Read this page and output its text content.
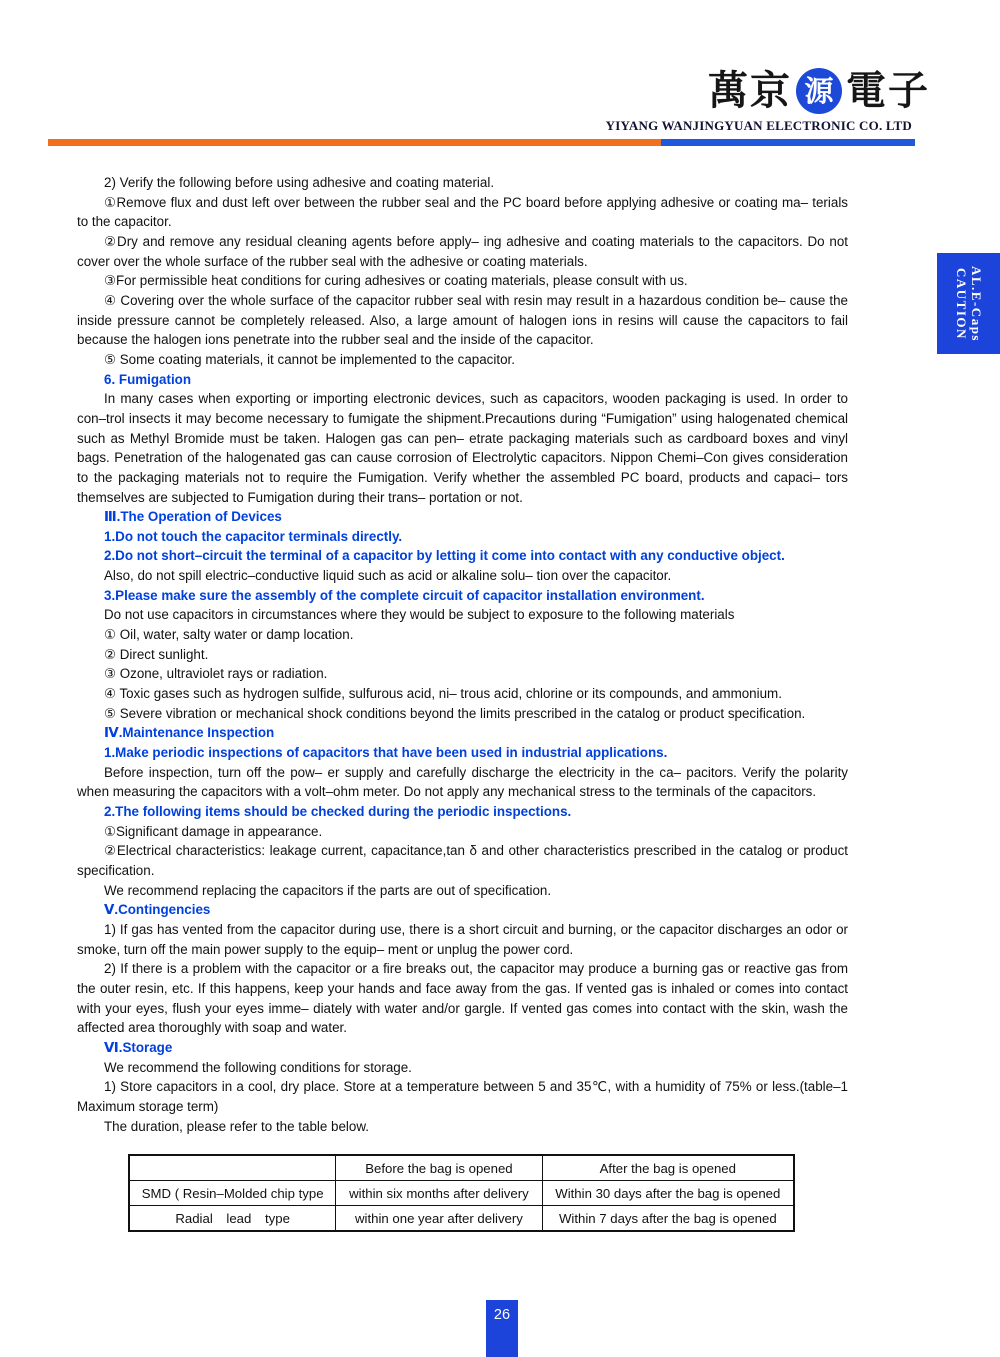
萬京 源 電子
YIYANG WANJINGYUAN ELECTRONIC CO. LTD
CAUTION AL.E-Caps

2) Verify the following before using adhesive and coating material.

①Remove flux and dust left over between the rubber seal and the PC board before applying adhesive or coating ma– terials to the capacitor.

②Dry and remove any residual cleaning agents before apply– ing adhesive and coating materials to the capacitors. Do not cover over the whole surface of the rubber seal with the adhesive or coating materials.

③For permissible heat conditions for curing adhesives or coating materials, please consult with us.

④ Covering over the whole surface of the capacitor rubber seal with resin may result in a hazardous condition be– cause the inside pressure cannot be completely released. Also, a large amount of halogen ions in resins will cause the capacitors to fail because the halogen ions penetrate into the rubber seal and the inside of the capacitor.

⑤ Some coating materials, it cannot be implemented to the capacitor.

6. Fumigation

In many cases when exporting or importing electronic devices, such as capacitors, wooden packaging is used. In order to con–trol insects it may become necessary to fumigate the shipment.Precautions during “Fumigation” using halogenated chemical such as Methyl Bromide must be taken. Halogen gas can pen– etrate packaging materials such as cardboard boxes and vinyl bags. Penetration of the halogenated gas can cause corrosion of Electrolytic capacitors. Nippon Chemi–Con gives consideration to the packaging materials not to require the Fumigation. Verify whether the assembled PC board, products and capaci– tors themselves are subjected to Fumigation during their trans– portation or not.

Ⅲ.The Operation of Devices

1.Do not touch the capacitor terminals directly.

2.Do not short–circuit the terminal of a capacitor by letting it come into contact with any conductive object.

Also, do not spill electric–conductive liquid such as acid or alkaline solu– tion over the capacitor.

3.Please make sure the assembly of the complete circuit of capacitor installation environment.

Do not use capacitors in circumstances where they would be subject to exposure to the following materials

① Oil, water, salty water or damp location.

② Direct sunlight.

③ Ozone, ultraviolet rays or radiation.

④ Toxic gases such as hydrogen sulfide, sulfurous acid, ni– trous acid, chlorine or its compounds, and ammonium.

⑤ Severe vibration or mechanical shock conditions beyond the limits prescribed in the catalog or product specification.

Ⅳ.Maintenance Inspection

1.Make periodic inspections of capacitors that have been used in industrial applications.

Before inspection, turn off the pow– er supply and carefully discharge the electricity in the ca– pacitors. Verify the polarity when measuring the capacitors with a volt–ohm meter. Do not apply any mechanical stress to the terminals of the capacitors.

2.The following items should be checked during the periodic inspections.

①Significant damage in appearance.

②Electrical characteristics: leakage current, capacitance,tan δ and other characteristics prescribed in the catalog or product specification.

We recommend replacing the capacitors if the parts are out of specification.

Ⅴ.Contingencies

1) If gas has vented from the capacitor during use, there is a short circuit and burning, or the capacitor discharges an odor or smoke, turn off the main power supply to the equip– ment or unplug the power cord.

2) If there is a problem with the capacitor or a fire breaks out, the capacitor may produce a burning gas or reactive gas from the outer resin, etc. If this happens, keep your hands and face away from the gas. If vented gas is inhaled or comes into contact with your eyes, flush your eyes imme– diately with water and/or gargle. If vented gas comes into contact with the skin, wash the affected area thoroughly with soap and water.

Ⅵ.Storage

We recommend the following conditions for storage.

1) Store capacitors in a cool, dry place. Store at a temperature between 5 and 35℃, with a humidity of 75% or less.(table–1 Maximum storage term)

The duration, please refer to the table below.

	Before the bag is opened	After the bag is opened
SMD ( Resin–Molded chip type	within six months after delivery	Within 30 days after the bag is opened
Radial lead type	within one year after delivery	Within 7 days after the bag is opened
26
